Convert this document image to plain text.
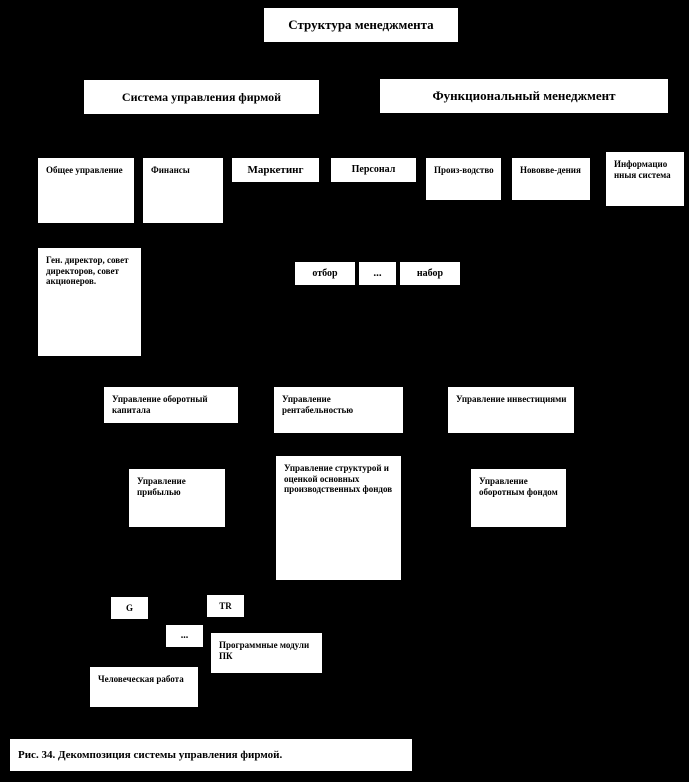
Структура менеджмента
Система управления фирмой	Функциональный менеджмент
Общее управление	Финансы	Маркетинг	Персонал	Произ-водство	Нововве-дения
Информацио нныя система
Ген. директор, совет директоров, совет акционеров.
отбор	...	набор
Управление оборотный капитала
Управление рентабельностью
Управление инвестициями
Управление прибылью
Управление структурой и оценкой основных производственных фондов
Управление оборотным фондом
G	TR
...
Программные модули ПК
Человеческая работа
Рис. 34. Декомпозиция системы управления фирмой.
